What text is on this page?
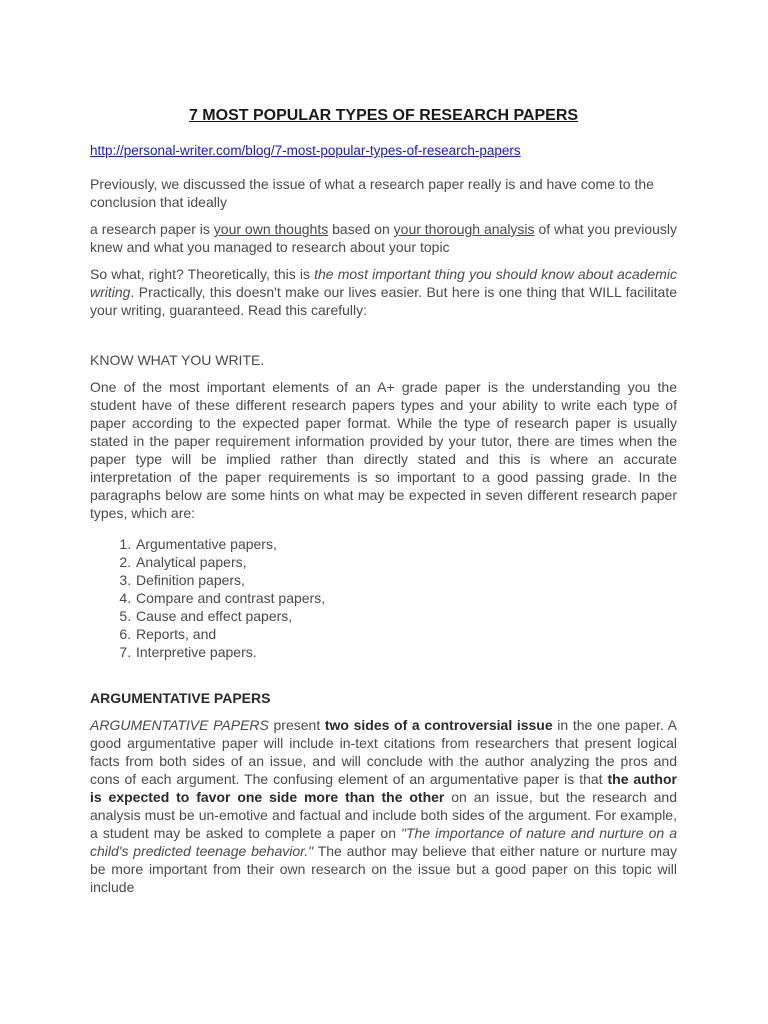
7 MOST POPULAR TYPES OF RESEARCH PAPERS
http://personal-writer.com/blog/7-most-popular-types-of-research-papers

Previously, we discussed the issue of what a research paper really is and have come to the conclusion that ideally

a research paper is your own thoughts based on your thorough analysis of what you previously knew and what you managed to research about your topic

So what, right? Theoretically, this is the most important thing you should know about academic writing. Practically, this doesn't make our lives easier. But here is one thing that WILL facilitate your writing, guaranteed. Read this carefully:

KNOW WHAT YOU WRITE.

One of the most important elements of an A+ grade paper is the understanding you the student have of these different research papers types and your ability to write each type of paper according to the expected paper format. While the type of research paper is usually stated in the paper requirement information provided by your tutor, there are times when the paper type will be implied rather than directly stated and this is where an accurate interpretation of the paper requirements is so important to a good passing grade. In the paragraphs below are some hints on what may be expected in seven different research paper types, which are:

1. Argumentative papers,
2. Analytical papers,
3. Definition papers,
4. Compare and contrast papers,
5. Cause and effect papers,
6. Reports, and
7. Interpretive papers.

ARGUMENTATIVE PAPERS

ARGUMENTATIVE PAPERS present two sides of a controversial issue in the one paper. A good argumentative paper will include in-text citations from researchers that present logical facts from both sides of an issue, and will conclude with the author analyzing the pros and cons of each argument. The confusing element of an argumentative paper is that the author is expected to favor one side more than the other on an issue, but the research and analysis must be un-emotive and factual and include both sides of the argument. For example, a student may be asked to complete a paper on "The importance of nature and nurture on a child's predicted teenage behavior." The author may believe that either nature or nurture may be more important from their own research on the issue but a good paper on this topic will include
